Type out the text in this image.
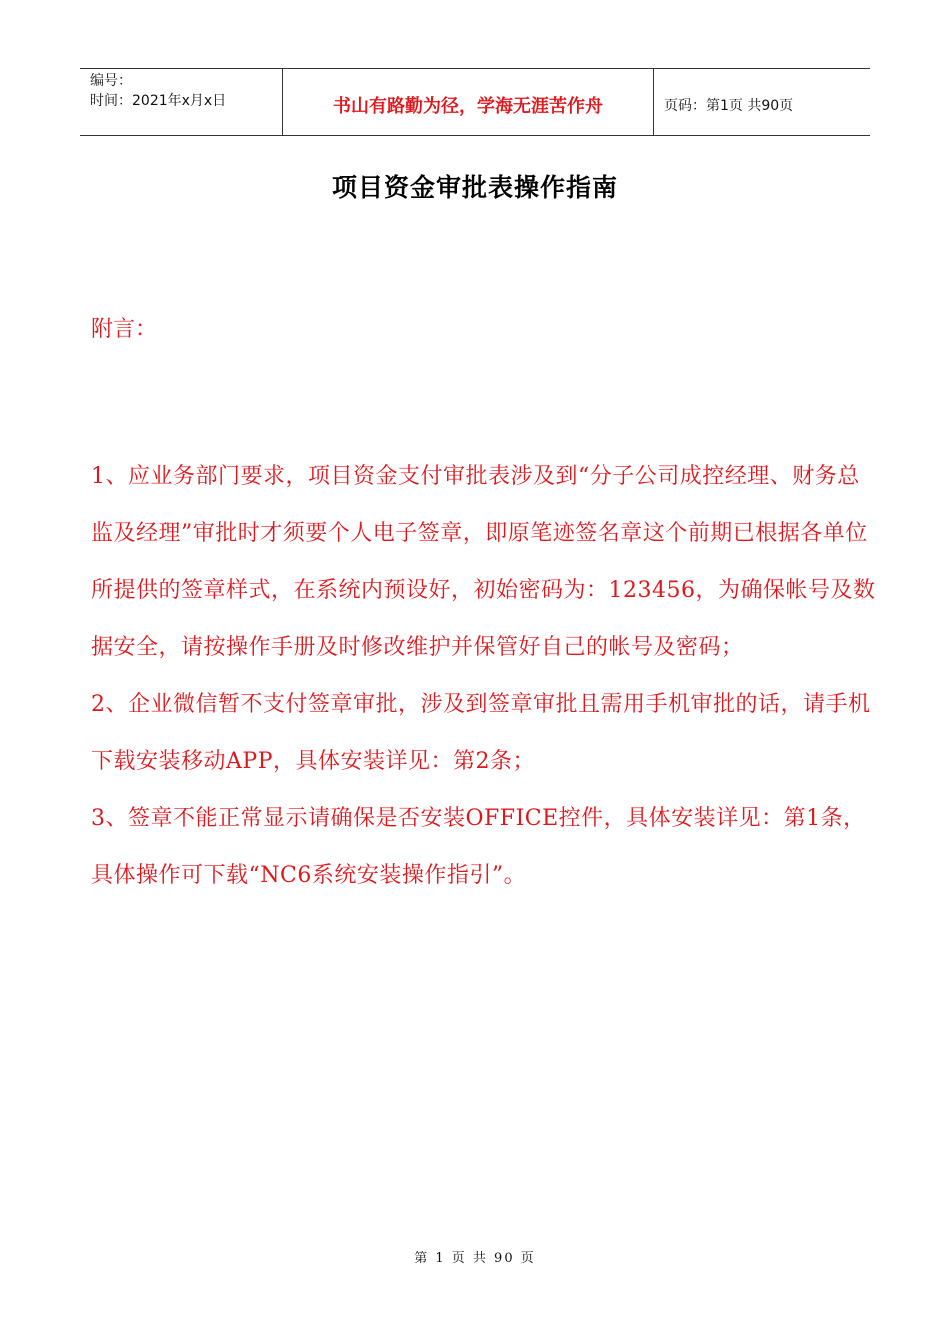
编号：
时间：2021年x月x日	书山有路勤为径，学海无涯苦作舟	页码：第1页 共90页
项目资金审批表操作指南
附言：

1、应业务部门要求，项目资金支付审批表涉及到“分子公司成控经理、财务总监及经理”审批时才须要个人电子签章，即原笔迹签名章这个前期已根据各单位所提供的签章样式，在系统内预设好，初始密码为：123456，为确保帐号及数据安全，请按操作手册及时修改维护并保管好自己的帐号及密码；

2、企业微信暂不支付签章审批，涉及到签章审批且需用手机审批的话，请手机下载安装移动APP，具体安装详见：第2条；

3、签章不能正常显示请确保是否安装OFFICE控件，具体安装详见：第1条，具体操作可下载“NC6系统安装操作指引”。

第 1 页 共 90 页
